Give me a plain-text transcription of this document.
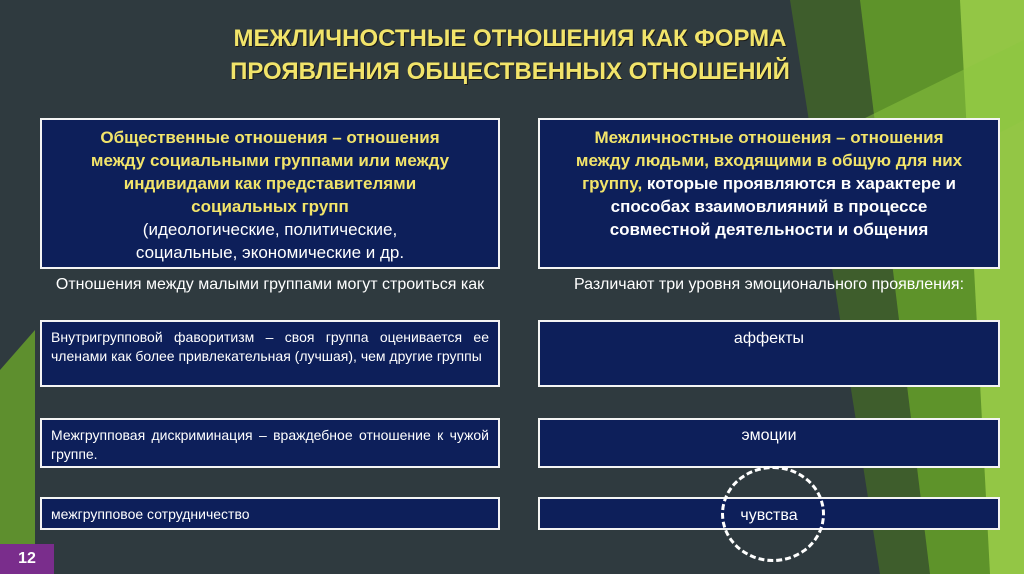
МЕЖЛИЧНОСТНЫЕ ОТНОШЕНИЯ КАК ФОРМА
ПРОЯВЛЕНИЯ ОБЩЕСТВЕННЫХ ОТНОШЕНИЙ
Общественные отношения – отношения
между социальными группами или между
индивидами как представителями
социальных групп
(идеологические, политические,
социальные, экономические и др.
Межличностные отношения – отношения
между людьми, входящими в общую для них
группу, которые проявляются в характере и
способах взаимовлияний в процессе
совместной деятельности и общения
Отношения между малыми группами могут строиться как	Различают три уровня эмоционального проявления:
Внутригрупповой фаворитизм – своя группа оценивается ее членами как более привлекательная (лучшая), чем другие группы
Межгрупповая дискриминация – враждебное отношение к чужой группе.
межгрупповое сотрудничество
аффекты
эмоции
чувства
12
